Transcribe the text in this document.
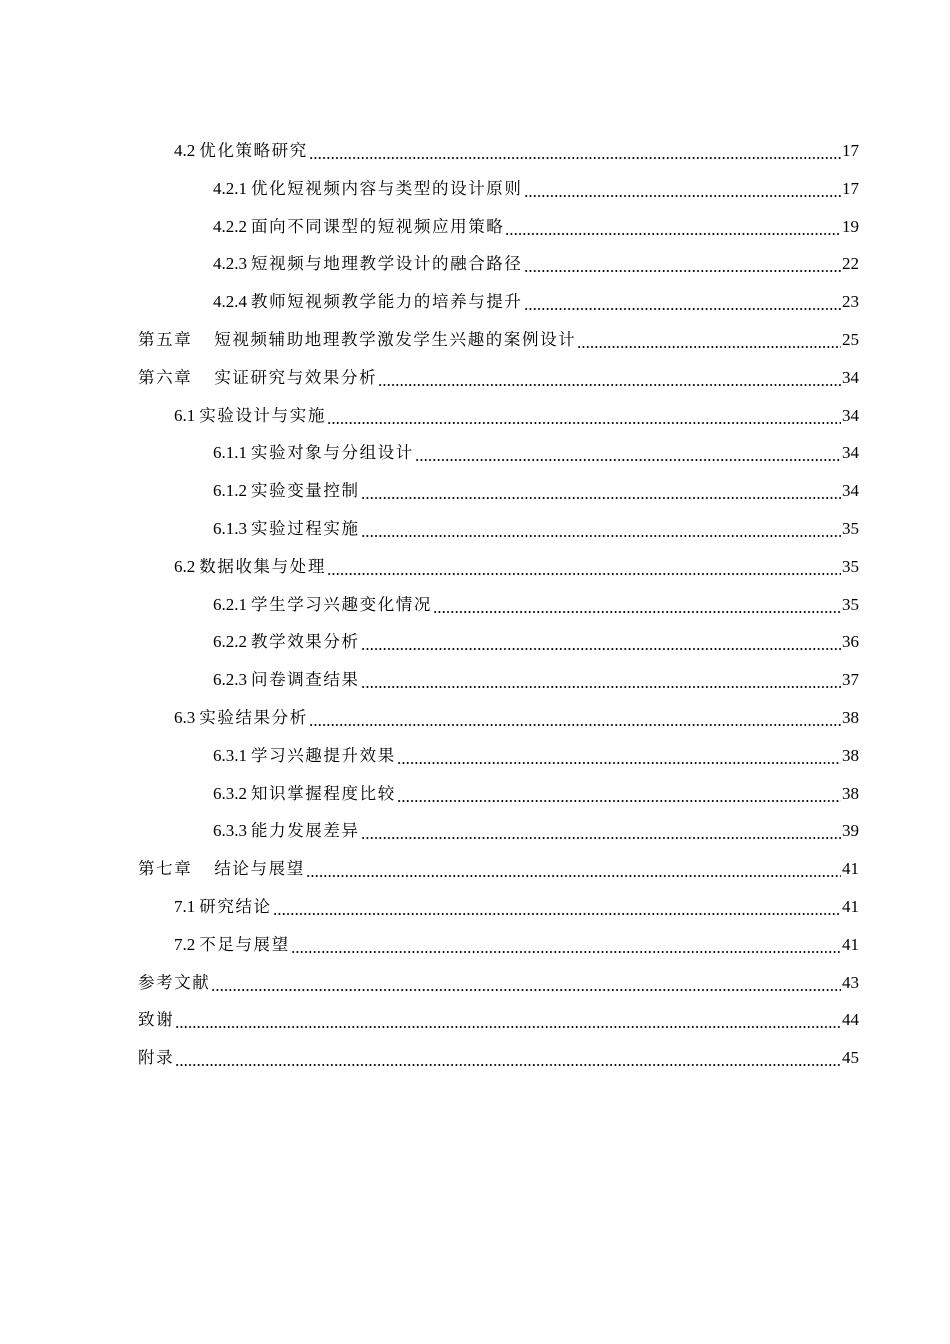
4.2 优化策略研究	17
4.2.1 优化短视频内容与类型的设计原则	17
4.2.2 面向不同课型的短视频应用策略	19
4.2.3 短视频与地理教学设计的融合路径	22
4.2.4 教师短视频教学能力的培养与提升	23
第五章 短视频辅助地理教学激发学生兴趣的案例设计	25
第六章 实证研究与效果分析	34
6.1 实验设计与实施	34
6.1.1 实验对象与分组设计	34
6.1.2 实验变量控制	34
6.1.3 实验过程实施	35
6.2 数据收集与处理	35
6.2.1 学生学习兴趣变化情况	35
6.2.2 教学效果分析	36
6.2.3 问卷调查结果	37
6.3 实验结果分析	38
6.3.1 学习兴趣提升效果	38
6.3.2 知识掌握程度比较	38
6.3.3 能力发展差异	39
第七章 结论与展望	41
7.1 研究结论	41
7.2 不足与展望	41
参考文献	43
致谢	44
附录	45
